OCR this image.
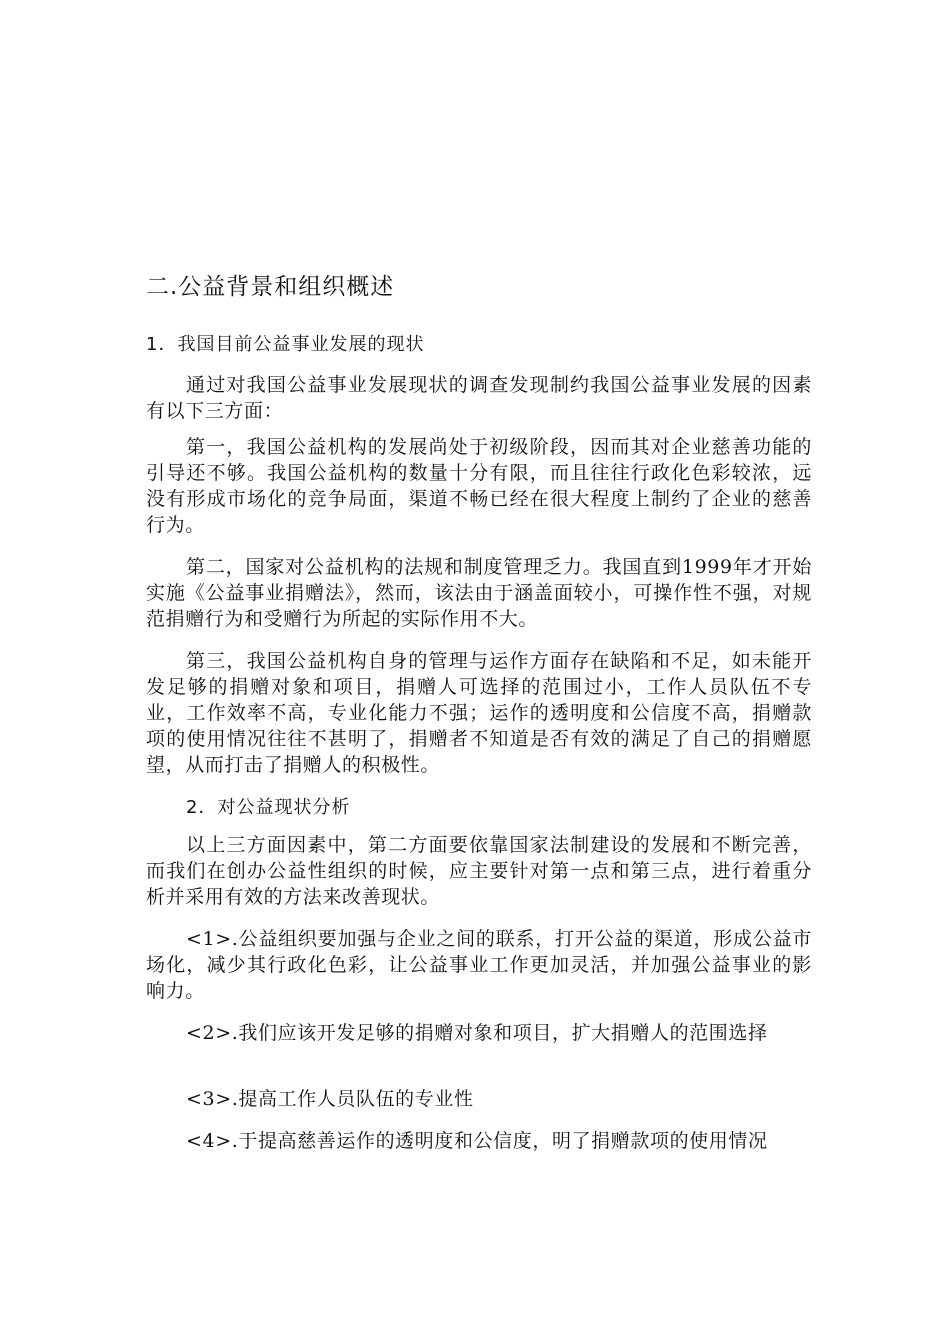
二.公益背景和组织概述
1．我国目前公益事业发展的现状

通过对我国公益事业发展现状的调查发现制约我国公益事业发展的因素有以下三方面：

第一，我国公益机构的发展尚处于初级阶段，因而其对企业慈善功能的引导还不够。我国公益机构的数量十分有限，而且往往行政化色彩较浓，远没有形成市场化的竞争局面，渠道不畅已经在很大程度上制约了企业的慈善行为。

第二，国家对公益机构的法规和制度管理乏力。我国直到1999年才开始实施《公益事业捐赠法》，然而，该法由于涵盖面较小，可操作性不强，对规范捐赠行为和受赠行为所起的实际作用不大。

第三，我国公益机构自身的管理与运作方面存在缺陷和不足，如未能开发足够的捐赠对象和项目，捐赠人可选择的范围过小，工作人员队伍不专业，工作效率不高，专业化能力不强；运作的透明度和公信度不高，捐赠款项的使用情况往往不甚明了，捐赠者不知道是否有效的满足了自己的捐赠愿望，从而打击了捐赠人的积极性。

2．对公益现状分析

以上三方面因素中，第二方面要依靠国家法制建设的发展和不断完善，而我们在创办公益性组织的时候，应主要针对第一点和第三点，进行着重分析并采用有效的方法来改善现状。

<1>.公益组织要加强与企业之间的联系，打开公益的渠道，形成公益市场化，减少其行政化色彩，让公益事业工作更加灵活，并加强公益事业的影响力。

<2>.我们应该开发足够的捐赠对象和项目，扩大捐赠人的范围选择

<3>.提高工作人员队伍的专业性

<4>.于提高慈善运作的透明度和公信度，明了捐赠款项的使用情况
